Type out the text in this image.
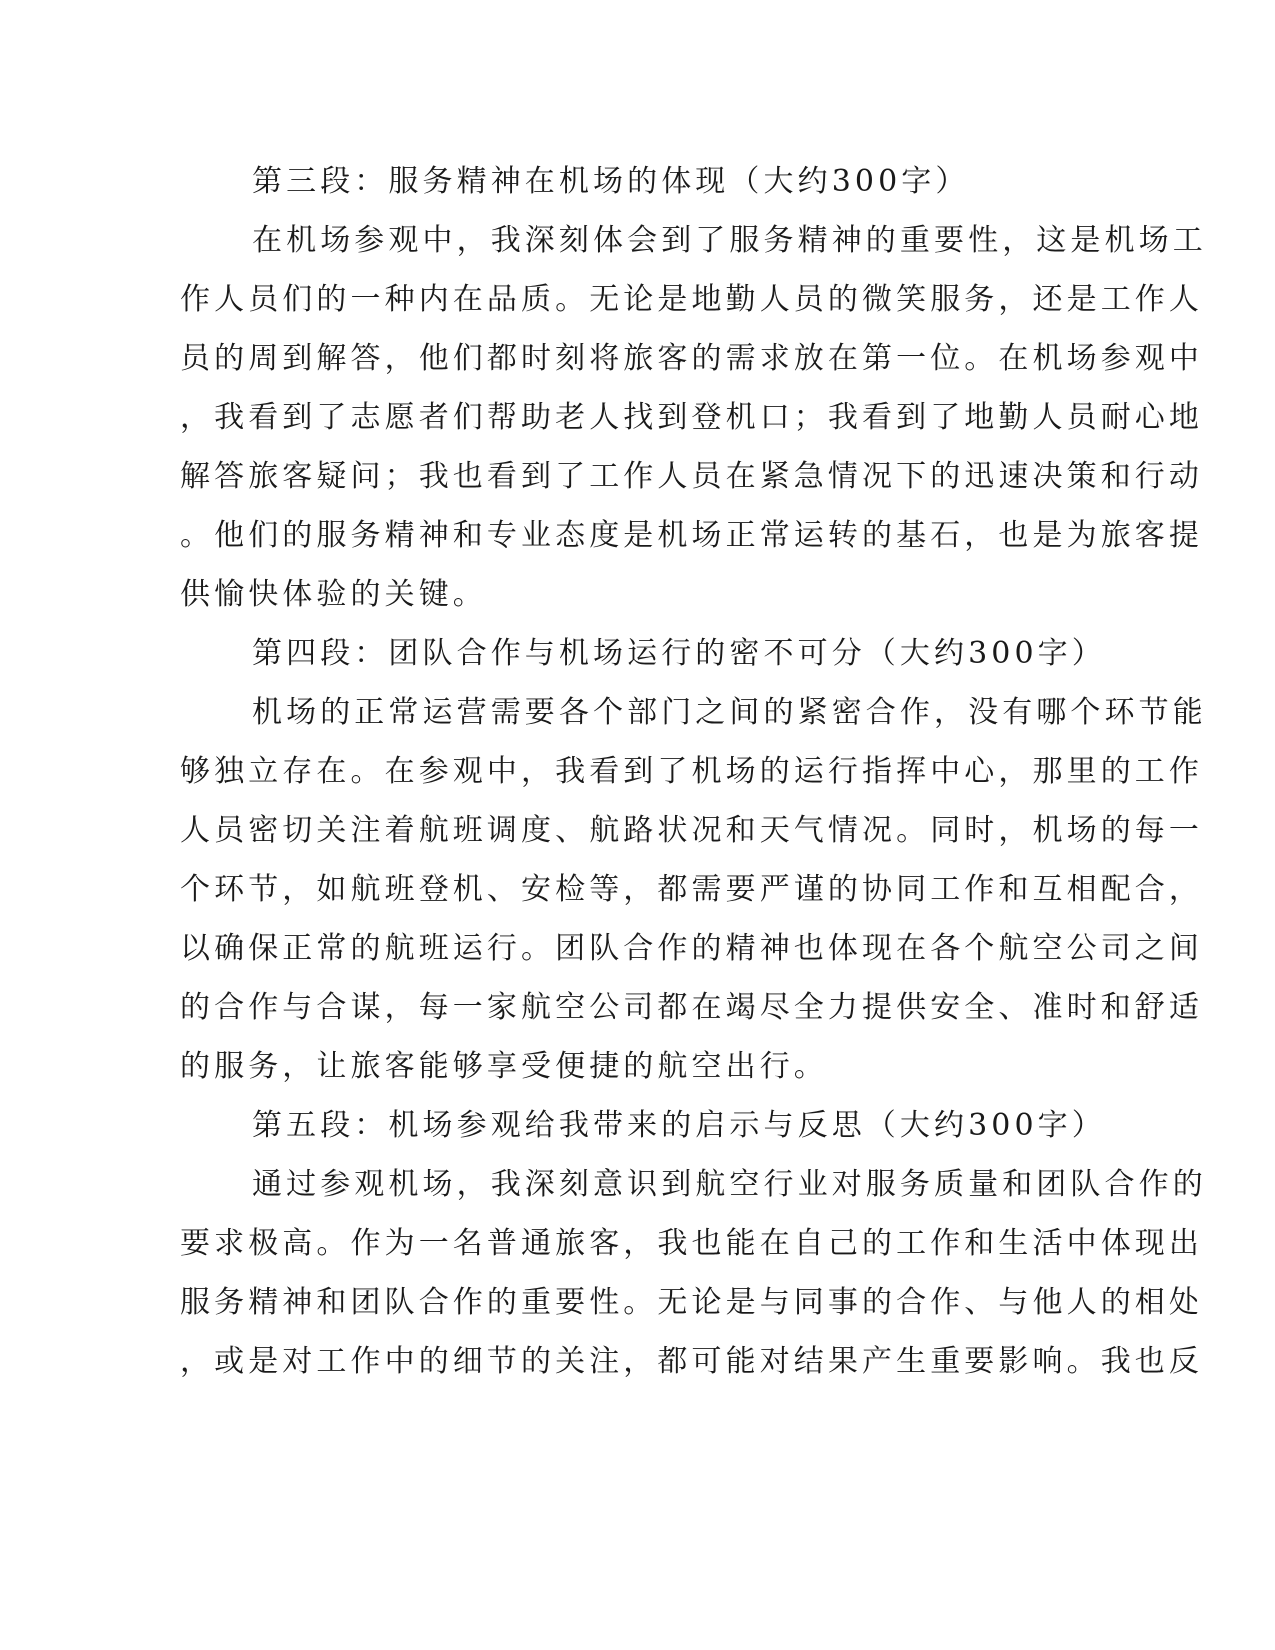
第三段：服务精神在机场的体现（大约300字）
在机场参观中，我深刻体会到了服务精神的重要性，这是机场工
作人员们的一种内在品质。无论是地勤人员的微笑服务，还是工作人
员的周到解答，他们都时刻将旅客的需求放在第一位。在机场参观中
，我看到了志愿者们帮助老人找到登机口；我看到了地勤人员耐心地
解答旅客疑问；我也看到了工作人员在紧急情况下的迅速决策和行动
。他们的服务精神和专业态度是机场正常运转的基石，也是为旅客提
供愉快体验的关键。
第四段：团队合作与机场运行的密不可分（大约300字）
机场的正常运营需要各个部门之间的紧密合作，没有哪个环节能
够独立存在。在参观中，我看到了机场的运行指挥中心，那里的工作
人员密切关注着航班调度、航路状况和天气情况。同时，机场的每一
个环节，如航班登机、安检等，都需要严谨的协同工作和互相配合，
以确保正常的航班运行。团队合作的精神也体现在各个航空公司之间
的合作与合谋，每一家航空公司都在竭尽全力提供安全、准时和舒适
的服务，让旅客能够享受便捷的航空出行。
第五段：机场参观给我带来的启示与反思（大约300字）
通过参观机场，我深刻意识到航空行业对服务质量和团队合作的
要求极高。作为一名普通旅客，我也能在自己的工作和生活中体现出
服务精神和团队合作的重要性。无论是与同事的合作、与他人的相处
，或是对工作中的细节的关注，都可能对结果产生重要影响。我也反
